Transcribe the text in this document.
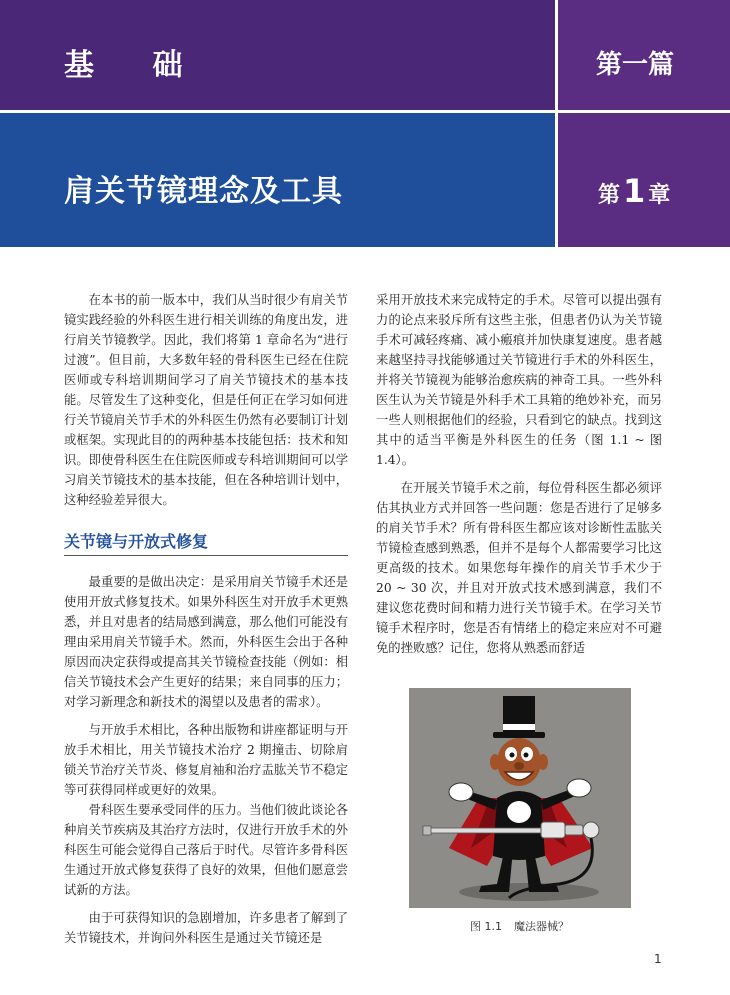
基 础	第一篇
肩关节镜理念及工具	第1 章

在本书的前一版本中，我们从当时很少有肩关节镜实践经验的外科医生进行相关训练的角度出发，进行肩关节镜教学。因此，我们将第 1 章命名为“进行过渡”。但目前，大多数年轻的骨科医生已经在住院医师或专科培训期间学习了肩关节镜技术的基本技能。尽管发生了这种变化，但是任何正在学习如何进行关节镜肩关节手术的外科医生仍然有必要制订计划或框架。实现此目的的两种基本技能包括：技术和知识。即使骨科医生在住院医师或专科培训期间可以学习肩关节镜技术的基本技能，但在各种培训计划中，这种经验差异很大。

关节镜与开放式修复

最重要的是做出决定：是采用肩关节镜手术还是使用开放式修复技术。如果外科医生对开放手术更熟悉，并且对患者的结局感到满意，那么他们可能没有理由采用肩关节镜手术。然而，外科医生会出于各种原因而决定获得或提高其关节镜检查技能（例如：相信关节镜技术会产生更好的结果；来自同事的压力；对学习新理念和新技术的渴望以及患者的需求）。

与开放手术相比，各种出版物和讲座都证明与开放手术相比，用关节镜技术治疗 2 期撞击、切除肩锁关节治疗关节炎、修复肩袖和治疗盂肱关节不稳定等可获得同样或更好的效果。

骨科医生要承受同伴的压力。当他们彼此谈论各种肩关节疾病及其治疗方法时，仅进行开放手术的外科医生可能会觉得自己落后于时代。尽管许多骨科医生通过开放式修复获得了良好的效果，但他们愿意尝试新的方法。

由于可获得知识的急剧增加，许多患者了解到了关节镜技术，并询问外科医生是通过关节镜还是

采用开放技术来完成特定的手术。尽管可以提出强有力的论点来驳斥所有这些主张，但患者仍认为关节镜手术可减轻疼痛、减小瘢痕并加快康复速度。患者越来越坚持寻找能够通过关节镜进行手术的外科医生，并将关节镜视为能够治愈疾病的神奇工具。一些外科医生认为关节镜是外科手术工具箱的绝妙补充，而另一些人则根据他们的经验，只看到它的缺点。找到这其中的适当平衡是外科医生的任务（图 1.1 ~ 图 1.4）。

在开展关节镜手术之前，每位骨科医生都必须评估其执业方式并回答一些问题：您是否进行了足够多的肩关节手术？所有骨科医生都应该对诊断性盂肱关节镜检查感到熟悉，但并不是每个人都需要学习比这更高级的技术。如果您每年操作的肩关节手术少于 20 ~ 30 次，并且对开放式技术感到满意，我们不建议您花费时间和精力进行关节镜手术。在学习关节镜手术程序时，您是否有情绪上的稳定来应对不可避免的挫败感？记住，您将从熟悉而舒适

图 1.1 魔法器械？
1
